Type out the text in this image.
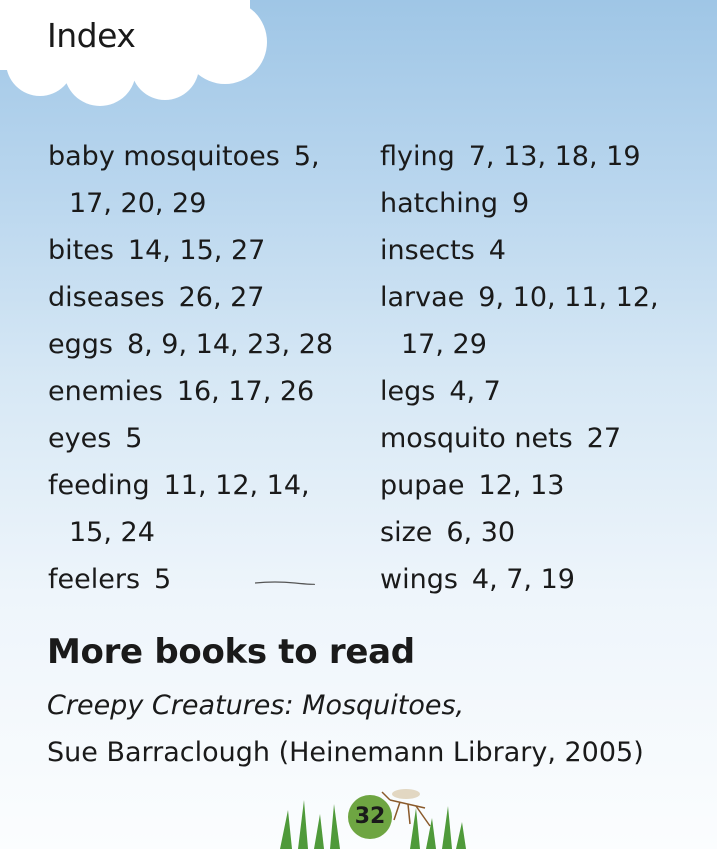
Index
baby mosquitoes 5,
17, 20, 29
bites 14, 15, 27
diseases 26, 27
eggs 8, 9, 14, 23, 28
enemies 16, 17, 26
eyes 5
feeding 11, 12, 14,
15, 24
feelers 5
flying 7, 13, 18, 19
hatching 9
insects 4
larvae 9, 10, 11, 12,
17, 29
legs 4, 7
mosquito nets 27
pupae 12, 13
size 6, 30
wings 4, 7, 19
More books to read
Creepy Creatures: Mosquitoes,
Sue Barraclough (Heinemann Library, 2005)
32
